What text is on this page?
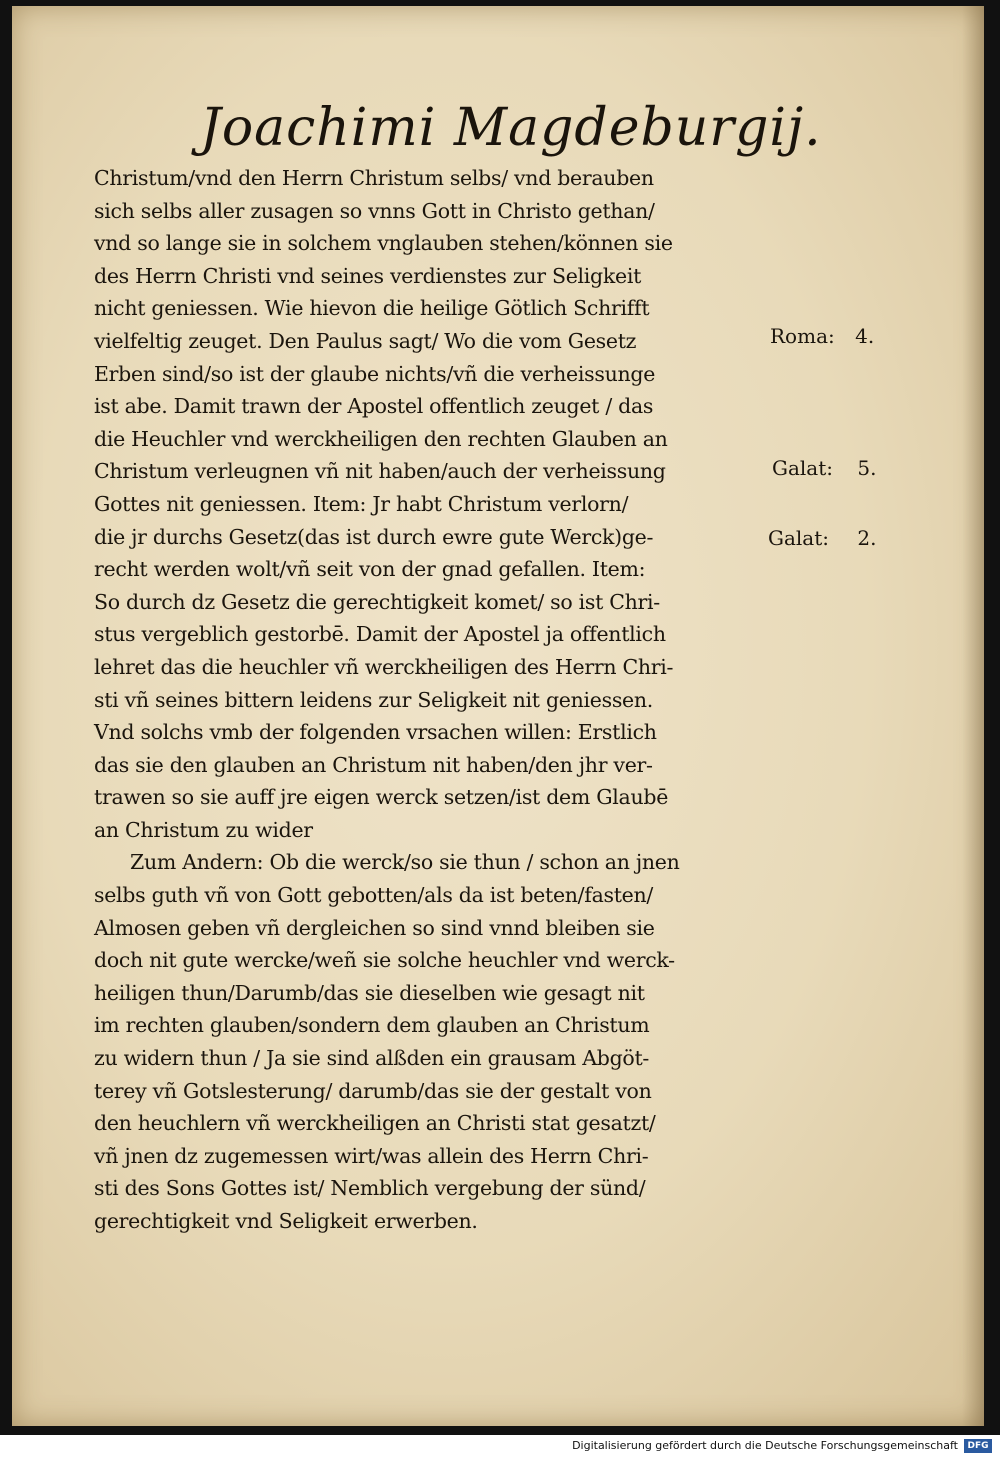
Joachimi Magdeburgij.
Christum/vnd den Herrn Christum selbs/ vnd berauben
sich selbs aller zusagen so vnns Gott in Christo gethan/
vnd so lange sie in solchem vnglauben stehen/können sie
des Herrn Christi vnd seines verdienstes zur Seligkeit
nicht geniessen. Wie hievon die heilige Götlich Schrifft
vielfeltig zeuget. Den Paulus sagt/ Wo die vom Gesetz
Erben sind/so ist der glaube nichts/vñ die verheissunge
ist abe. Damit trawn der Apostel offentlich zeuget / das
die Heuchler vnd werckheiligen den rechten Glauben an
Christum verleugnen vñ nit haben/auch der verheissung
Gottes nit geniessen. Item: Jr habt Christum verlorn/
die jr durchs Gesetz(das ist durch ewre gute Werck)ge-
recht werden wolt/vñ seit von der gnad gefallen. Item:
So durch dz Gesetz die gerechtigkeit komet/ so ist Chri-
stus vergeblich gestorbē. Damit der Apostel ja offentlich
lehret das die heuchler vñ werckheiligen des Herrn Chri-
sti vñ seines bittern leidens zur Seligkeit nit geniessen.
Vnd solchs vmb der folgenden vrsachen willen: Erstlich
das sie den glauben an Christum nit haben/den jhr ver-
trawen so sie auff jre eigen werck setzen/ist dem Glaubē
an Christum zu wider
Zum Andern: Ob die werck/so sie thun / schon an jnen
selbs guth vñ von Gott gebotten/als da ist beten/fasten/
Almosen geben vñ dergleichen so sind vnnd bleiben sie
doch nit gute wercke/weñ sie solche heuchler vnd werck-
heiligen thun/Darumb/das sie dieselben wie gesagt nit
im rechten glauben/sondern dem glauben an Christum
zu widern thun / Ja sie sind alßden ein grausam Abgöt-
terey vñ Gotslesterung/ darumb/das sie der gestalt von
den heuchlern vñ werckheiligen an Christi stat gesatzt/
vñ jnen dz zugemessen wirt/was allein des Herrn Chri-
sti des Sons Gottes ist/ Nemblich vergebung der sünd/
gerechtigkeit vnd Seligkeit erwerben.
Roma: 4.
Galat: 5.
Galat: 2.
Digitalisierung gefördert durch die Deutsche Forschungsgemeinschaft	DFG
